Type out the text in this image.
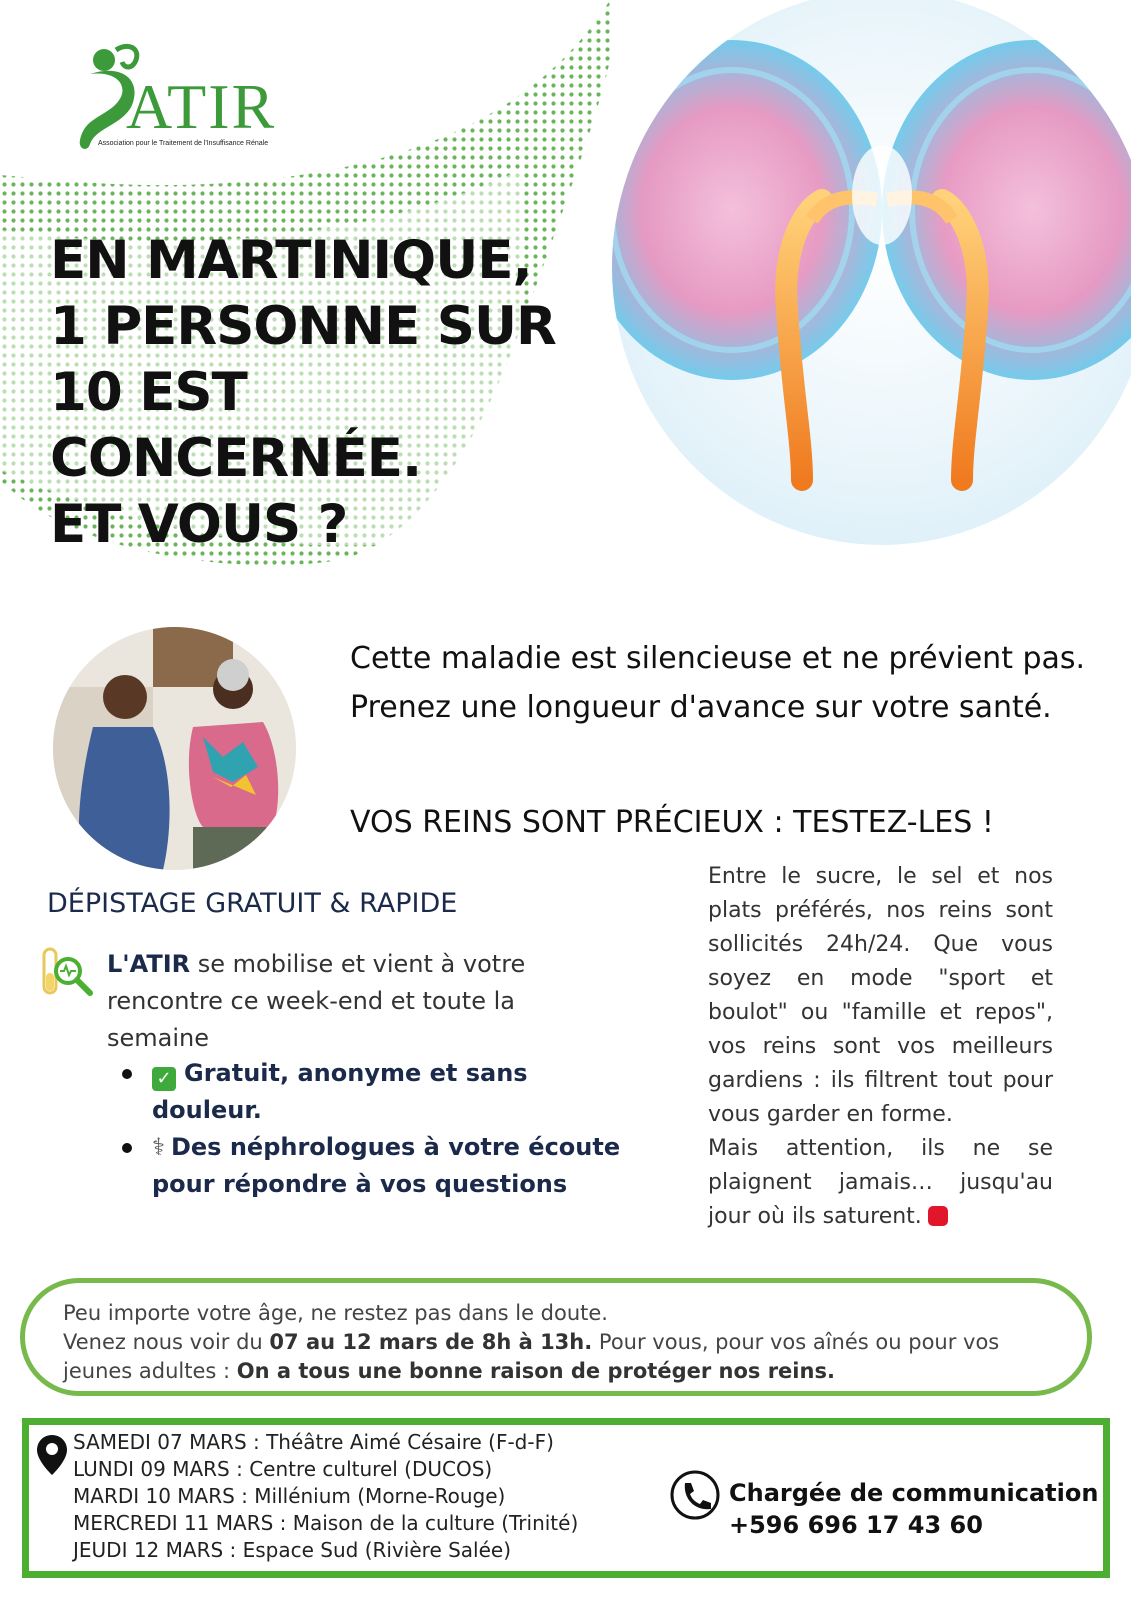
ATIR
Association pour le Traitement de l'Insuffisance Rénale
EN MARTINIQUE,
1 PERSONNE SUR
10 EST
CONCERNÉE.
ET VOUS ?
Cette maladie est silencieuse et ne prévient pas. Prenez une longueur d'avance sur votre santé.
VOS REINS SONT PRÉCIEUX : TESTEZ-LES !
DÉPISTAGE GRATUIT & RAPIDE
L'ATIR se mobilise et vient à votre rencontre ce week-end et toute la semaine
✓ Gratuit, anonyme et sans douleur.
⚕ Des néphrologues à votre écoute pour répondre à vos questions
Entre le sucre, le sel et nos plats préférés, nos reins sont sollicités 24h/24. Que vous soyez en mode "sport et boulot" ou "famille et repos", vos reins sont vos meilleurs gardiens : ils filtrent tout pour vous garder en forme.
Mais attention, ils ne se plaignent jamais… jusqu'au jour où ils saturent.
Peu importe votre âge, ne restez pas dans le doute.
Venez nous voir du 07 au 12 mars de 8h à 13h. Pour vous, pour vos aînés ou pour vos jeunes adultes : On a tous une bonne raison de protéger nos reins.
SAMEDI 07 MARS : Théâtre Aimé Césaire (F-d-F)
LUNDI 09 MARS : Centre culturel (DUCOS)
MARDI 10 MARS : Millénium (Morne-Rouge)
MERCREDI 11 MARS : Maison de la culture (Trinité)
JEUDI 12 MARS : Espace Sud (Rivière Salée)
Chargée de communication
+596 696 17 43 60
